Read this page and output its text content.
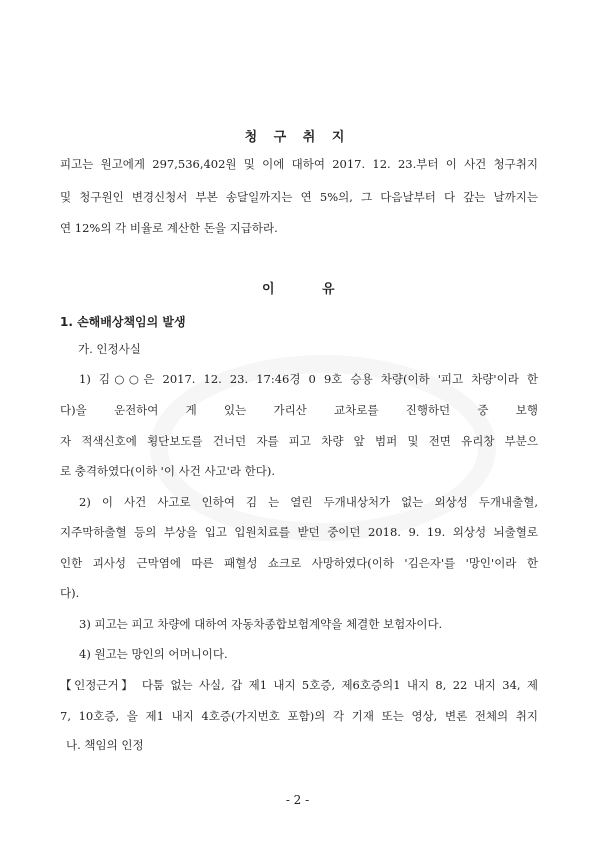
청 구 취 지
피고는 원고에게 297,536,402원 및 이에 대하여 2017. 12. 23.부터 이 사건 청구취지
및 청구원인 변경신청서 부본 송달일까지는 연 5%의, 그 다음날부터 다 갚는 날까지는
연 12%의 각 비율로 계산한 돈을 지급하라.
이	유
1. 손해배상책임의 발생
가. 인정사실
1) 김○○은 2017. 12. 23. 17:46경 0 9호 승용 차량(이하 '피고 차량'이라 한
다)을 운전하여 게 있는 가리산 교차로를 진행하던 중 보행
자 적색신호에 횡단보도를 건너던 자를 피고 차량 앞 범퍼 및 전면 유리창 부분으
로 충격하였다(이하 '이 사건 사고'라 한다).
2) 이 사건 사고로 인하여 김 는 열린 두개내상처가 없는 외상성 두개내출혈,
지주막하출혈 등의 부상을 입고 입원치료를 받던 중이던 2018. 9. 19. 외상성 뇌출혈로
인한 괴사성 근막염에 따른 패혈성 쇼크로 사망하였다(이하 '김은자'를 '망인'이라 한
다).
3) 피고는 피고 차량에 대하여 자동차종합보험계약을 체결한 보험자이다.
4) 원고는 망인의 어머니이다.
【인정근거】 다툼 없는 사실, 갑 제1 내지 5호증, 제6호증의1 내지 8, 22 내지 34, 제
7, 10호증, 을 제1 내지 4호증(가지번호 포함)의 각 기재 또는 영상, 변론 전체의 취지
나. 책임의 인정
- 2 -
